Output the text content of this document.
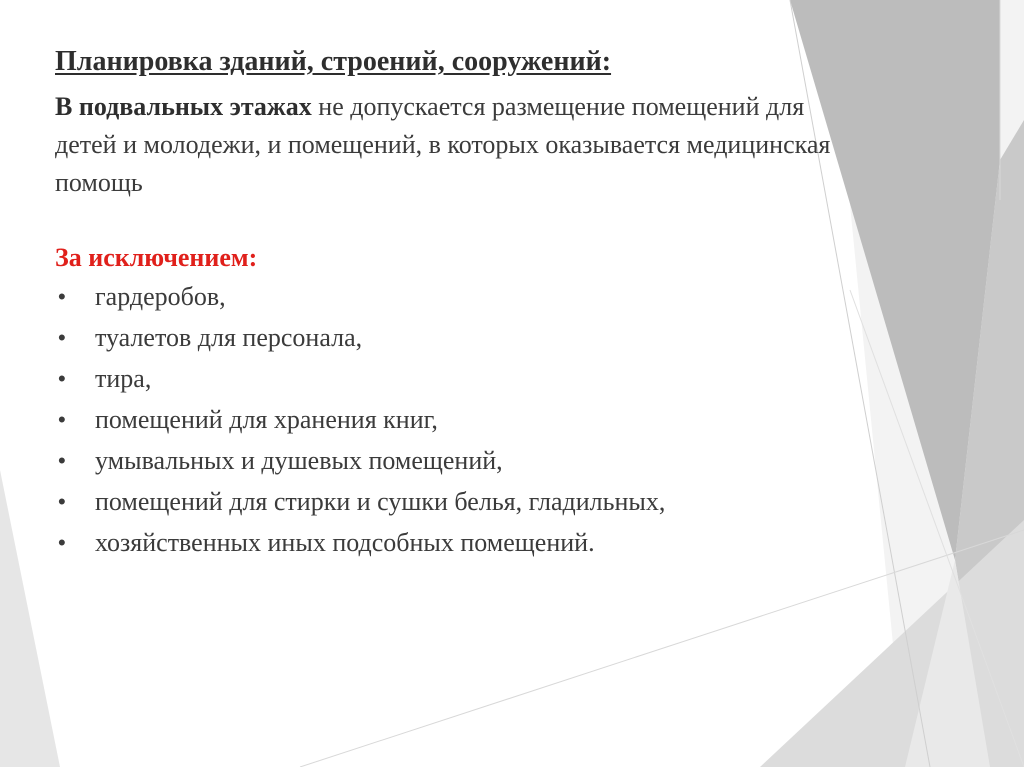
Планировка зданий, строений, сооружений:

В подвальных этажах не допускается размещение помещений для детей и молодежи, и помещений, в которых оказывается медицинская помощь

За исключением:

• гардеробов,
• туалетов для персонала,
• тира,
• помещений для хранения книг,
• умывальных и душевых помещений,
• помещений для стирки и сушки белья, гладильных,
• хозяйственных иных подсобных помещений.
